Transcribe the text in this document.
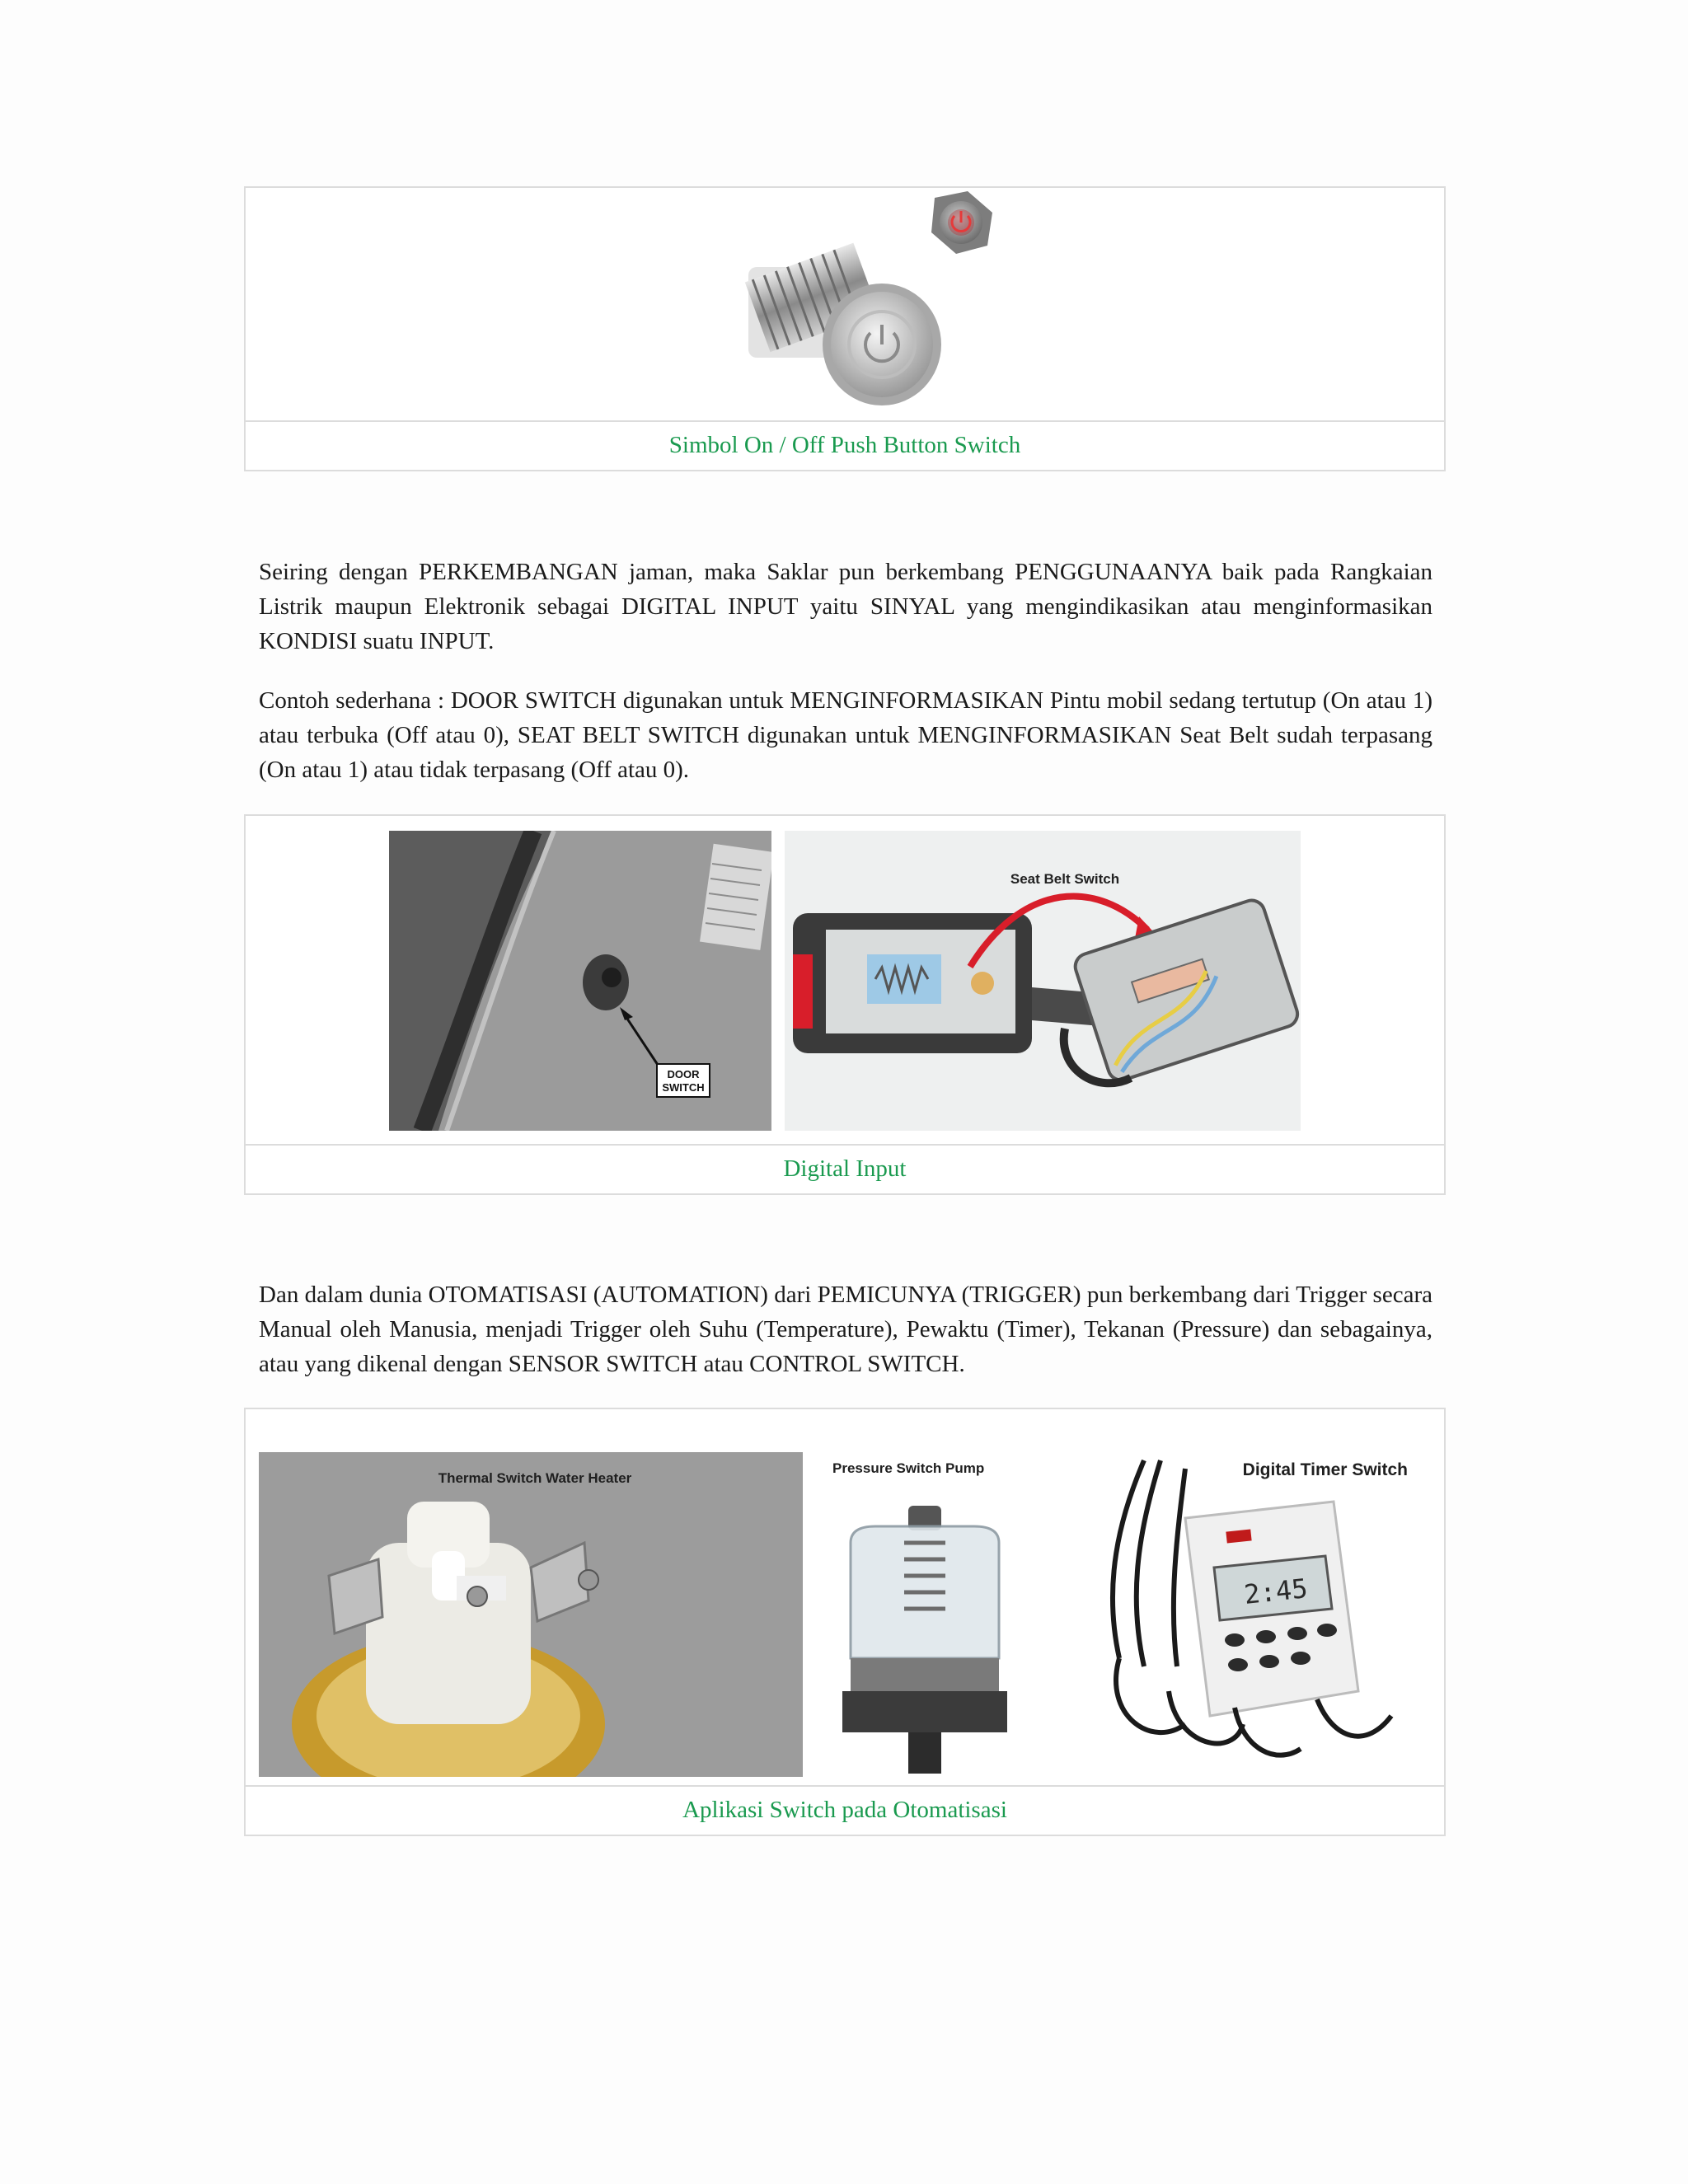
Simbol On / Off Push Button Switch

Seiring dengan PERKEMBANGAN jaman, maka Saklar pun berkembang PENGGUNAANYA baik pada Rangkaian Listrik maupun Elektronik sebagai DIGITAL INPUT yaitu SINYAL yang mengindikasikan atau menginformasikan KONDISI suatu INPUT.

Contoh sederhana : DOOR SWITCH digunakan untuk MENGINFORMASIKAN Pintu mobil sedang tertutup (On atau 1) atau terbuka (Off atau 0), SEAT BELT SWITCH digunakan untuk MENGINFORMASIKAN Seat Belt sudah terpasang (On atau 1) atau tidak terpasang (Off atau 0).

DOOR
SWITCH
Seat Belt Switch
Digital Input

Dan dalam dunia OTOMATISASI (AUTOMATION) dari PEMICUNYA (TRIGGER) pun berkembang dari Trigger secara Manual oleh Manusia, menjadi Trigger oleh Suhu (Temperature), Pewaktu (Timer), Tekanan (Pressure) dan sebagainya, atau yang dikenal dengan SENSOR SWITCH atau CONTROL SWITCH.

Thermal Switch Water Heater
Pressure Switch Pump	Digital Timer Switch
2:45
Aplikasi Switch pada Otomatisasi
